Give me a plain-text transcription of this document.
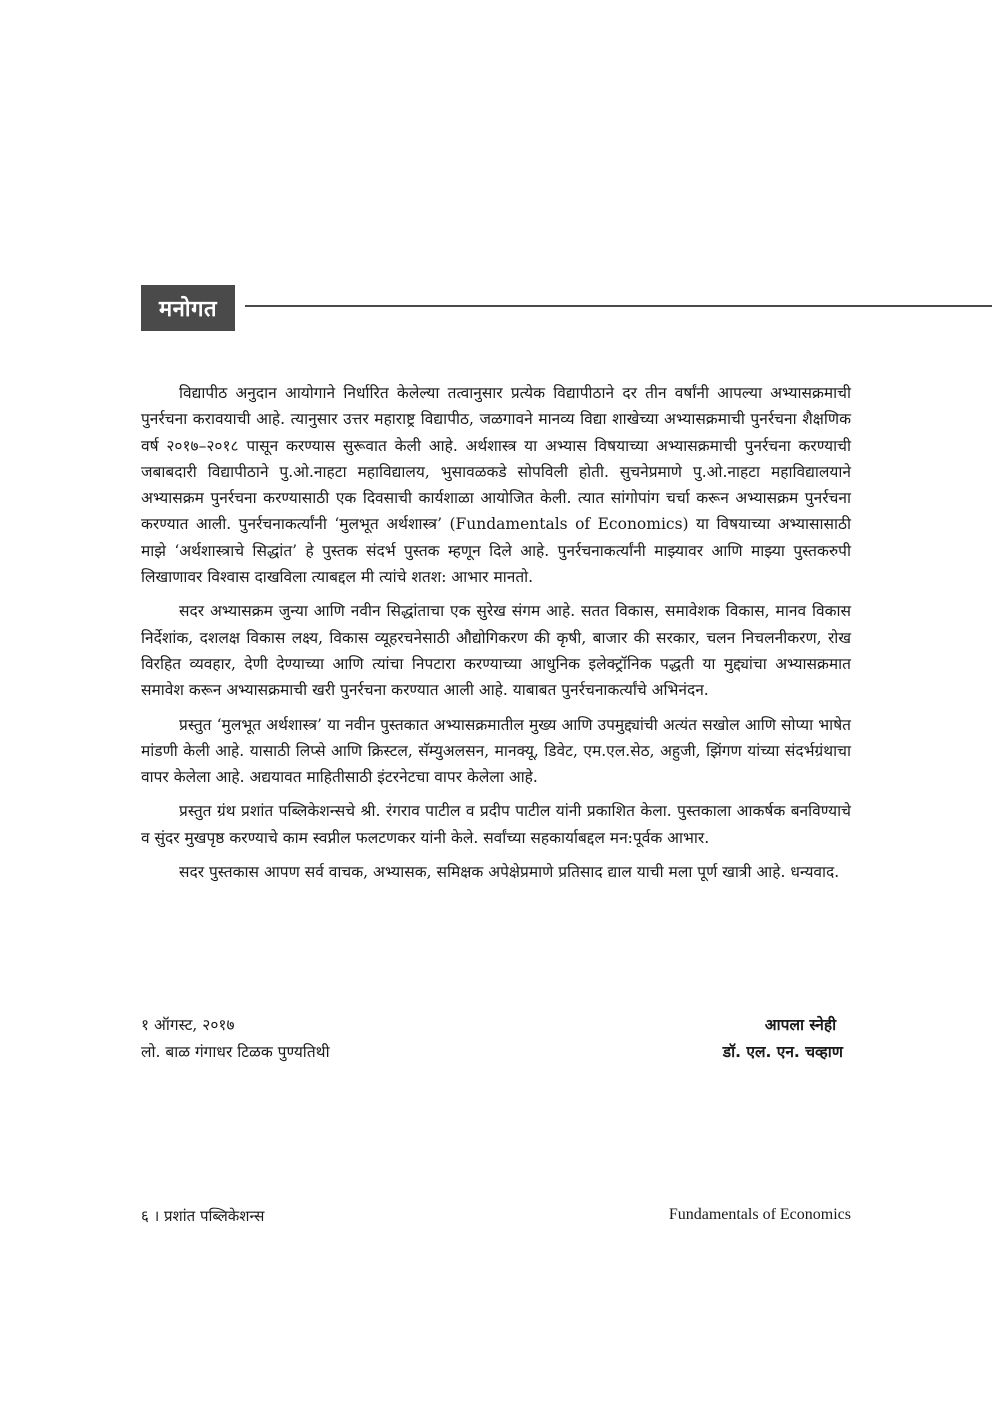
मनोगत

विद्यापीठ अनुदान आयोगाने निर्धारित केलेल्या तत्वानुसार प्रत्येक विद्यापीठाने दर तीन वर्षांनी आपल्या अभ्यासक्रमाची पुनर्रचना करावयाची आहे. त्यानुसार उत्तर महाराष्ट्र विद्यापीठ, जळगावने मानव्य विद्या शाखेच्या अभ्यासक्रमाची पुनर्रचना शैक्षणिक वर्ष २०१७–२०१८ पासून करण्यास सुरूवात केली आहे. अर्थशास्त्र या अभ्यास विषयाच्या अभ्यासक्रमाची पुनर्रचना करण्याची जबाबदारी विद्यापीठाने पु.ओ.नाहटा महाविद्यालय, भुसावळकडे सोपविली होती. सुचनेप्रमाणे पु.ओ.नाहटा महाविद्यालयाने अभ्यासक्रम पुनर्रचना करण्यासाठी एक दिवसाची कार्यशाळा आयोजित केली. त्यात सांगोपांग चर्चा करून अभ्यासक्रम पुनर्रचना करण्यात आली. पुनर्रचनाकर्त्यांनी ‘मुलभूत अर्थशास्त्र’ (Fundamentals of Economics) या विषयाच्या अभ्यासासाठी माझे ‘अर्थशास्त्राचे सिद्धांत’ हे पुस्तक संदर्भ पुस्तक म्हणून दिले आहे. पुनर्रचनाकर्त्यांनी माझ्यावर आणि माझ्या पुस्तकरुपी लिखाणावर विश्वास दाखविला त्याबद्दल मी त्यांचे शतश: आभार मानतो.

सदर अभ्यासक्रम जुन्या आणि नवीन सिद्धांताचा एक सुरेख संगम आहे. सतत विकास, समावेशक विकास, मानव विकास निर्देशांक, दशलक्ष विकास लक्ष्य, विकास व्यूहरचनेसाठी औद्योगिकरण की कृषी, बाजार की सरकार, चलन निचलनीकरण, रोख विरहित व्यवहार, देणी देण्याच्या आणि त्यांचा निपटारा करण्याच्या आधुनिक इलेक्ट्रॉनिक पद्धती या मुद्द्यांचा अभ्यासक्रमात समावेश करून अभ्यासक्रमाची खरी पुनर्रचना करण्यात आली आहे. याबाबत पुनर्रचनाकर्त्यांचे अभिनंदन.

प्रस्तुत ‘मुलभूत अर्थशास्त्र’ या नवीन पुस्तकात अभ्यासक्रमातील मुख्य आणि उपमुद्द्यांची अत्यंत सखोल आणि सोप्या भाषेत मांडणी केली आहे. यासाठी लिप्से आणि क्रिस्टल, सॅम्युअलसन, मानक्यू, डिवेट, एम.एल.सेठ, अहुजी, झिंगण यांच्या संदर्भग्रंथाचा वापर केलेला आहे. अद्ययावत माहितीसाठी इंटरनेटचा वापर केलेला आहे.

प्रस्तुत ग्रंथ प्रशांत पब्लिकेशन्सचे श्री. रंगराव पाटील व प्रदीप पाटील यांनी प्रकाशित केला. पुस्तकाला आकर्षक बनविण्याचे व सुंदर मुखपृष्ठ करण्याचे काम स्वप्नील फलटणकर यांनी केले. सर्वांच्या सहकार्याबद्दल मन:पूर्वक आभार.

सदर पुस्तकास आपण सर्व वाचक, अभ्यासक, समिक्षक अपेक्षेप्रमाणे प्रतिसाद द्याल याची मला पूर्ण खात्री आहे. धन्यवाद.

१ ऑगस्ट, २०१७
लो. बाळ गंगाधर टिळक पुण्यतिथी
आपला स्नेही
डॉ. एल. एन. चव्हाण
६ । प्रशांत पब्लिकेशन्स	Fundamentals of Economics
